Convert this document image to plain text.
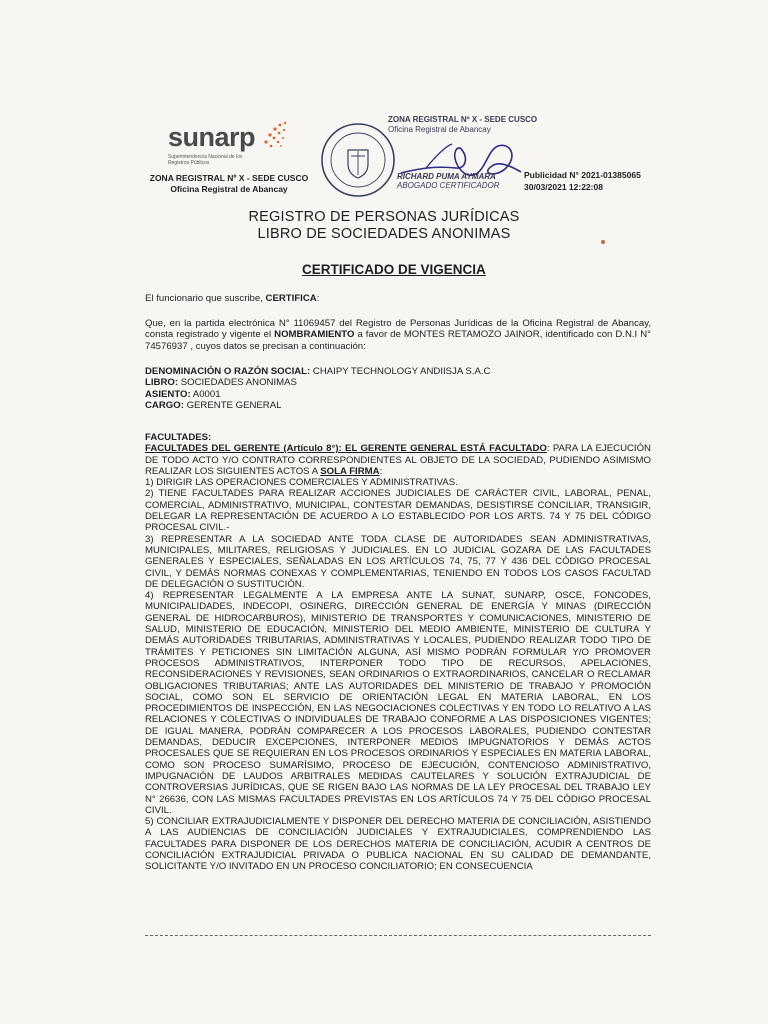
sunarp
Superintendencia Nacional de los Registros Públicos
ZONA REGISTRAL Nº X - SEDE CUSCO
Oficina Registral de Abancay
ZONA REGISTRAL Nº X - SEDE CUSCO
Oficina Registral de Abancay
RICHARD PUMA AYMARA
ABOGADO CERTIFICADOR
Publicidad N° 2021-01385065
30/03/2021 12:22:08
REGISTRO DE PERSONAS JURÍDICAS
LIBRO DE SOCIEDADES ANONIMAS
CERTIFICADO DE VIGENCIA
El funcionario que suscribe, CERTIFICA:
Que, en la partida electrónica N° 11069457 del Registro de Personas Jurídicas de la Oficina Registral de Abancay, consta registrado y vigente el NOMBRAMIENTO a favor de MONTES RETAMOZO JAINOR, identificado con D.N.I N° 74576937 , cuyos datos se precisan a continuación:
DENOMINACIÓN O RAZÓN SOCIAL: CHAIPY TECHNOLOGY ANDIISJA S.A.C
LIBRO: SOCIEDADES ANONIMAS
ASIENTO: A0001
CARGO: GERENTE GENERAL
FACULTADES:
FACULTADES DEL GERENTE (Artículo 8°): EL GERENTE GENERAL ESTÁ FACULTADO: PARA LA EJECUCIÓN DE TODO ACTO Y/O CONTRATO CORRESPONDIENTES AL OBJETO DE LA SOCIEDAD, PUDIENDO ASIMISMO REALIZAR LOS SIGUIENTES ACTOS A SOLA FIRMA:
1) DIRIGIR LAS OPERACIONES COMERCIALES Y ADMINISTRATIVAS.
2) TIENE FACULTADES PARA REALIZAR ACCIONES JUDICIALES DE CARÁCTER CIVIL, LABORAL, PENAL, COMERCIAL, ADMINISTRATIVO, MUNICIPAL, CONTESTAR DEMANDAS, DESISTIRSE CONCILIAR, TRANSIGIR, DELEGAR LA REPRESENTACIÓN DE ACUERDO A LO ESTABLECIDO POR LOS ARTS. 74 Y 75 DEL CÓDIGO PROCESAL CIVIL.-
3) REPRESENTAR A LA SOCIEDAD ANTE TODA CLASE DE AUTORIDADES SEAN ADMINISTRATIVAS, MUNICIPALES, MILITARES, RELIGIOSAS Y JUDICIALES. EN LO JUDICIAL GOZARA DE LAS FACULTADES GENERALES Y ESPECIALES, SEÑALADAS EN LOS ARTÍCULOS 74, 75, 77 Y 436 DEL CÓDIGO PROCESAL CIVIL, Y DEMÁS NORMAS CONEXAS Y COMPLEMENTARIAS, TENIENDO EN TODOS LOS CASOS FACULTAD DE DELEGACIÓN O SUSTITUCIÓN.
4) REPRESENTAR LEGALMENTE A LA EMPRESA ANTE LA SUNAT, SUNARP, OSCE, FONCODES, MUNICIPALIDADES, INDECOPI, OSINERG, DIRECCIÓN GENERAL DE ENERGÍA Y MINAS (DIRECCIÓN GENERAL DE HIDROCARBUROS), MINISTERIO DE TRANSPORTES Y COMUNICACIONES, MINISTERIO DE SALUD, MINISTERIO DE EDUCACIÓN, MINISTERIO DEL MEDIO AMBIENTE, MINISTERIO DE CULTURA Y DEMÁS AUTORIDADES TRIBUTARIAS, ADMINISTRATIVAS Y LOCALES, PUDIENDO REALIZAR TODO TIPO DE TRÁMITES Y PETICIONES SIN LIMITACIÓN ALGUNA, ASÍ MISMO PODRÁN FORMULAR Y/O PROMOVER PROCESOS ADMINISTRATIVOS, INTERPONER TODO TIPO DE RECURSOS, APELACIONES, RECONSIDERACIONES Y REVISIONES, SEAN ORDINARIOS O EXTRAORDINARIOS, CANCELAR O RECLAMAR OBLIGACIONES TRIBUTARIAS; ANTE LAS AUTORIDADES DEL MINISTERIO DE TRABAJO Y PROMOCIÓN SOCIAL, COMO SON EL SERVICIO DE ORIENTACIÓN LEGAL EN MATERIA LABORAL, EN LOS PROCEDIMIENTOS DE INSPECCIÓN, EN LAS NEGOCIACIONES COLECTIVAS Y EN TODO LO RELATIVO A LAS RELACIONES Y COLECTIVAS O INDIVIDUALES DE TRABAJO CONFORME A LAS DISPOSICIONES VIGENTES; DE IGUAL MANERA, PODRÁN COMPARECER A LOS PROCESOS LABORALES, PUDIENDO CONTESTAR DEMANDAS, DEDUCIR EXCEPCIONES, INTERPONER MEDIOS IMPUGNATORIOS Y DEMÁS ACTOS PROCESALES QUE SE REQUIERAN EN LOS PROCESOS ORDINARIOS Y ESPECIALES EN MATERIA LABORAL, COMO SON PROCESO SUMARÍSIMO, PROCESO DE EJECUCIÓN, CONTENCIOSO ADMINISTRATIVO, IMPUGNACIÓN DE LAUDOS ARBITRALES MEDIDAS CAUTELARES Y SOLUCIÓN EXTRAJUDICIAL DE CONTROVERSIAS JURÍDICAS, QUE SE RIGEN BAJO LAS NORMAS DE LA LEY PROCESAL DEL TRABAJO LEY N° 26636, CON LAS MISMAS FACULTADES PREVISTAS EN LOS ARTÍCULOS 74 Y 75 DEL CÓDIGO PROCESAL CIVIL.
5) CONCILIAR EXTRAJUDICIALMENTE Y DISPONER DEL DERECHO MATERIA DE CONCILIACIÓN, ASISTIENDO A LAS AUDIENCIAS DE CONCILIACIÓN JUDICIALES Y EXTRAJUDICIALES, COMPRENDIENDO LAS FACULTADES PARA DISPONER DE LOS DERECHOS MATERIA DE CONCILIACIÓN, ACUDIR A CENTROS DE CONCILIACIÓN EXTRAJUDICIAL PRIVADA O PUBLICA NACIONAL EN SU CALIDAD DE DEMANDANTE, SOLICITANTE Y/O INVITADO EN UN PROCESO CONCILIATORIO; EN CONSECUENCIA
